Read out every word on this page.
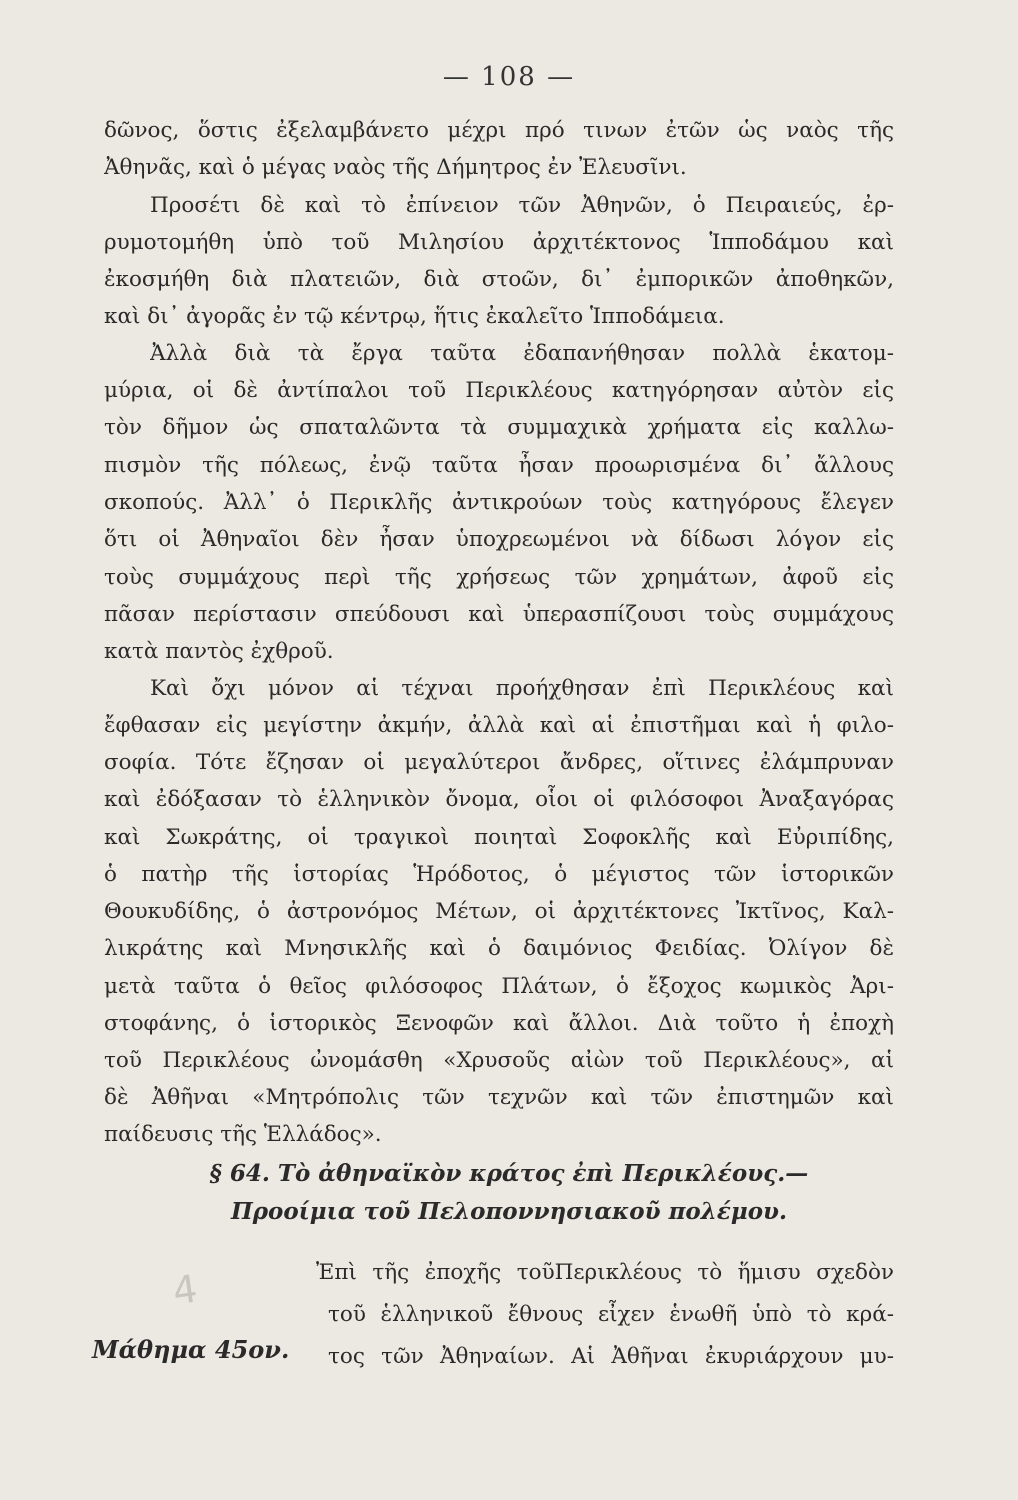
— 108 —
δῶνος, ὅστις ἐξελαμβάνετο μέχρι πρό τινων ἐτῶν ὡς ναὸς τῆς
Ἀθηνᾶς, καὶ ὁ μέγας ναὸς τῆς Δήμητρος ἐν Ἐλευσῖνι.
Προσέτι δὲ καὶ τὸ ἐπίνειον τῶν Ἀθηνῶν, ὁ Πειραιεύς, ἐρ-
ρυμοτομήθη ὑπὸ τοῦ Μιλησίου ἀρχιτέκτονος Ἱπποδάμου καὶ
ἐκοσμήθη διὰ πλατειῶν, διὰ στοῶν, δι᾽ ἐμπορικῶν ἀποθηκῶν,
καὶ δι᾽ ἀγορᾶς ἐν τῷ κέντρῳ, ἥτις ἐκαλεῖτο Ἱπποδάμεια.
Ἀλλὰ διὰ τὰ ἔργα ταῦτα ἐδαπανήθησαν πολλὰ ἑκατομ-
μύρια, οἱ δὲ ἀντίπαλοι τοῦ Περικλέους κατηγόρησαν αὐτὸν εἰς
τὸν δῆμον ὡς σπαταλῶντα τὰ συμμαχικὰ χρήματα εἰς καλλω-
πισμὸν τῆς πόλεως, ἐνῷ ταῦτα ἦσαν προωρισμένα δι᾽ ἄλλους
σκοπούς. Ἀλλ᾽ ὁ Περικλῆς ἀντικρούων τοὺς κατηγόρους ἔλεγεν
ὅτι οἱ Ἀθηναῖοι δὲν ἦσαν ὑποχρεωμένοι νὰ δίδωσι λόγον εἰς
τοὺς συμμάχους περὶ τῆς χρήσεως τῶν χρημάτων, ἀφοῦ εἰς
πᾶσαν περίστασιν σπεύδουσι καὶ ὑπερασπίζουσι τοὺς συμμάχους
κατὰ παντὸς ἐχθροῦ.
Καὶ ὄχι μόνον αἱ τέχναι προήχθησαν ἐπὶ Περικλέους καὶ
ἔφθασαν εἰς μεγίστην ἀκμήν, ἀλλὰ καὶ αἱ ἐπιστῆμαι καὶ ἡ φιλο-
σοφία. Τότε ἔζησαν οἱ μεγαλύτεροι ἄνδρες, οἵτινες ἐλάμπρυναν
καὶ ἐδόξασαν τὸ ἑλληνικὸν ὄνομα, οἷοι οἱ φιλόσοφοι Ἀναξαγόρας
καὶ Σωκράτης, οἱ τραγικοὶ ποιηταὶ Σοφοκλῆς καὶ Εὐριπίδης,
ὁ πατὴρ τῆς ἱστορίας Ἡρόδοτος, ὁ μέγιστος τῶν ἱστορικῶν
Θουκυδίδης, ὁ ἀστρονόμος Μέτων, οἱ ἀρχιτέκτονες Ἰκτῖνος, Καλ-
λικράτης καὶ Μνησικλῆς καὶ ὁ δαιμόνιος Φειδίας. Ὀλίγον δὲ
μετὰ ταῦτα ὁ θεῖος φιλόσοφος Πλάτων, ὁ ἔξοχος κωμικὸς Ἀρι-
στοφάνης, ὁ ἱστορικὸς Ξενοφῶν καὶ ἄλλοι. Διὰ τοῦτο ἡ ἐποχὴ
τοῦ Περικλέους ὠνομάσθη «Χρυσοῦς αἰὼν τοῦ Περικλέους», αἱ
δὲ Ἀθῆναι «Μητρόπολις τῶν τεχνῶν καὶ τῶν ἐπιστημῶν καὶ
παίδευσις τῆς Ἑλλάδος».
§ 64. Τὸ ἀθηναϊκὸν κράτος ἐπὶ Περικλέους.—
Προοίμια τοῦ Πελοποννησιακοῦ πολέμου.
4	Ἐπὶ τῆς ἐποχῆς τοῦΠερικλέους τὸ ἥμισυ σχεδὸν
τοῦ ἑλληνικοῦ ἔθνους εἶχεν ἑνωθῆ ὑπὸ τὸ κρά-
τος τῶν Ἀθηναίων. Αἱ Ἀθῆναι ἐκυριάρχουν μυ-
Μάθημα 45ον.
